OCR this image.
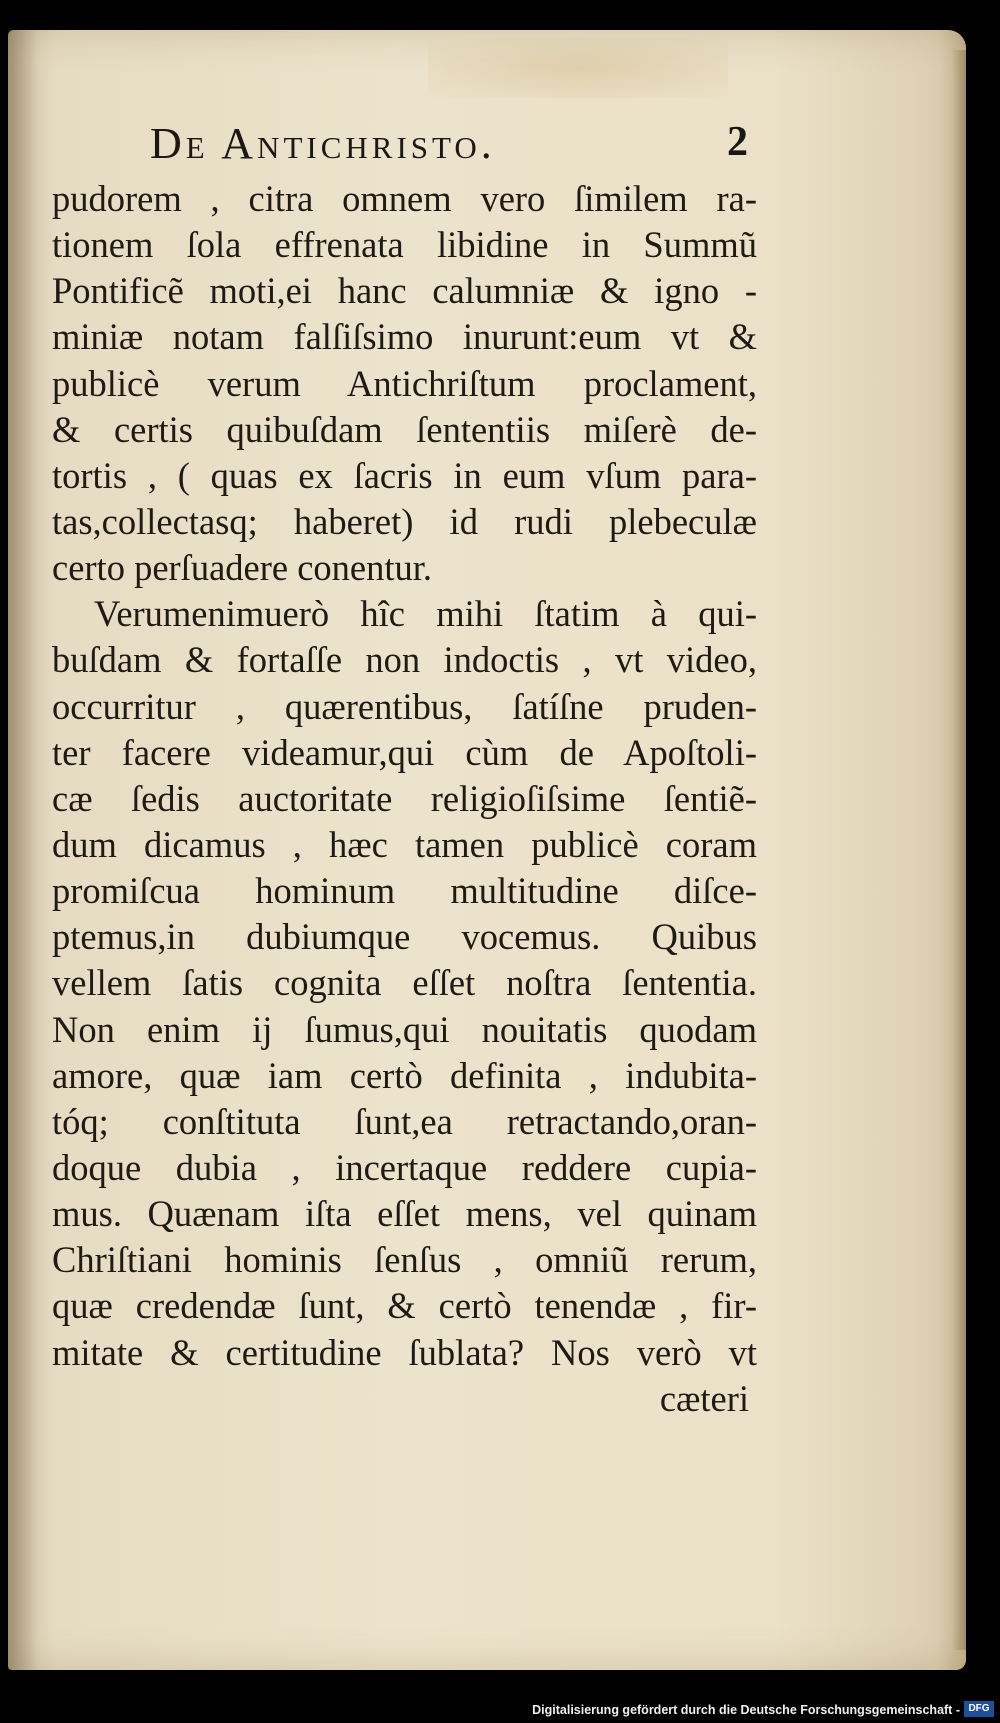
De Antichristo.	2
pudorem , citra omnem vero ſimilem ra-
tionem ſola effrenata libidine in Summũ
Pontificẽ moti,ei hanc calumniæ & igno -
miniæ notam falſiſsimo inurunt:eum vt &
publicè verum Antichriſtum proclament,
& certis quibuſdam ſententiis miſerè de-
tortis , ( quas ex ſacris in eum vſum para-
tas,collectasq; haberet) id rudi plebeculæ
certo perſuadere conentur.
Verumenimuerò hîc mihi ſtatim à qui-
buſdam & fortaſſe non indoctis , vt video,
occurritur , quærentibus, ſatíſne pruden-
ter facere videamur,qui cùm de Apoſtoli-
cæ ſedis auctoritate religioſiſsime ſentiẽ-
dum dicamus , hæc tamen publicè coram
promiſcua hominum multitudine diſce-
ptemus,in dubiumque vocemus. Quibus
vellem ſatis cognita eſſet noſtra ſententia.
Non enim ij ſumus,qui nouitatis quodam
amore, quæ iam certò definita , indubita-
tóq; conſtituta ſunt,ea retractando,oran-
doque dubia , incertaque reddere cupia-
mus. Quænam iſta eſſet mens, vel quinam
Chriſtiani hominis ſenſus , omniũ rerum,
quæ credendæ ſunt, & certò tenendæ , fir-
mitate & certitudine ſublata? Nos verò vt
cæteri
Digitalisierung gefördert durch die Deutsche Forschungsgemeinschaft - DFG
